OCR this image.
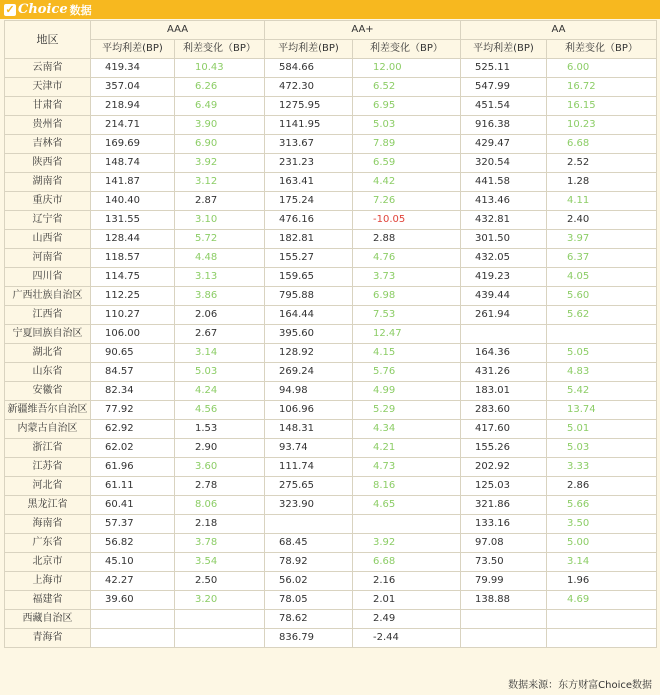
✓ Choice 数据
地区	AAA		AA+		AA	
	平均利差(BP)	利差变化（BP）	平均利差(BP)	利差变化（BP）	平均利差(BP)	利差变化（BP）
云南省	419.34	10.43	584.66	12.00	525.11	6.00
天津市	357.04	6.26	472.30	6.52	547.99	16.72
甘肃省	218.94	6.49	1275.95	6.95	451.54	16.15
贵州省	214.71	3.90	1141.95	5.03	916.38	10.23
吉林省	169.69	6.90	313.67	7.89	429.47	6.68
陕西省	148.74	3.92	231.23	6.59	320.54	2.52
湖南省	141.87	3.12	163.41	4.42	441.58	1.28
重庆市	140.40	2.87	175.24	7.26	413.46	4.11
辽宁省	131.55	3.10	476.16	-10.05	432.81	2.40
山西省	128.44	5.72	182.81	2.88	301.50	3.97
河南省	118.57	4.48	155.27	4.76	432.05	6.37
四川省	114.75	3.13	159.65	3.73	419.23	4.05
广西壮族自治区	112.25	3.86	795.88	6.98	439.44	5.60
江西省	110.27	2.06	164.44	7.53	261.94	5.62
宁夏回族自治区	106.00	2.67	395.60	12.47		
湖北省	90.65	3.14	128.92	4.15	164.36	5.05
山东省	84.57	5.03	269.24	5.76	431.26	4.83
安徽省	82.34	4.24	94.98	4.99	183.01	5.42
新疆维吾尔自治区	77.92	4.56	106.96	5.29	283.60	13.74
内蒙古自治区	62.92	1.53	148.31	4.34	417.60	5.01
浙江省	62.02	2.90	93.74	4.21	155.26	5.03
江苏省	61.96	3.60	111.74	4.73	202.92	3.33
河北省	61.11	2.78	275.65	8.16	125.03	2.86
黑龙江省	60.41	8.06	323.90	4.65	321.86	5.66
海南省	57.37	2.18			133.16	3.50
广东省	56.82	3.78	68.45	3.92	97.08	5.00
北京市	45.10	3.54	78.92	6.68	73.50	3.14
上海市	42.27	2.50	56.02	2.16	79.99	1.96
福建省	39.60	3.20	78.05	2.01	138.88	4.69
西藏自治区			78.62	2.49		
青海省			836.79	-2.44		
数据来源：东方财富Choice数据
